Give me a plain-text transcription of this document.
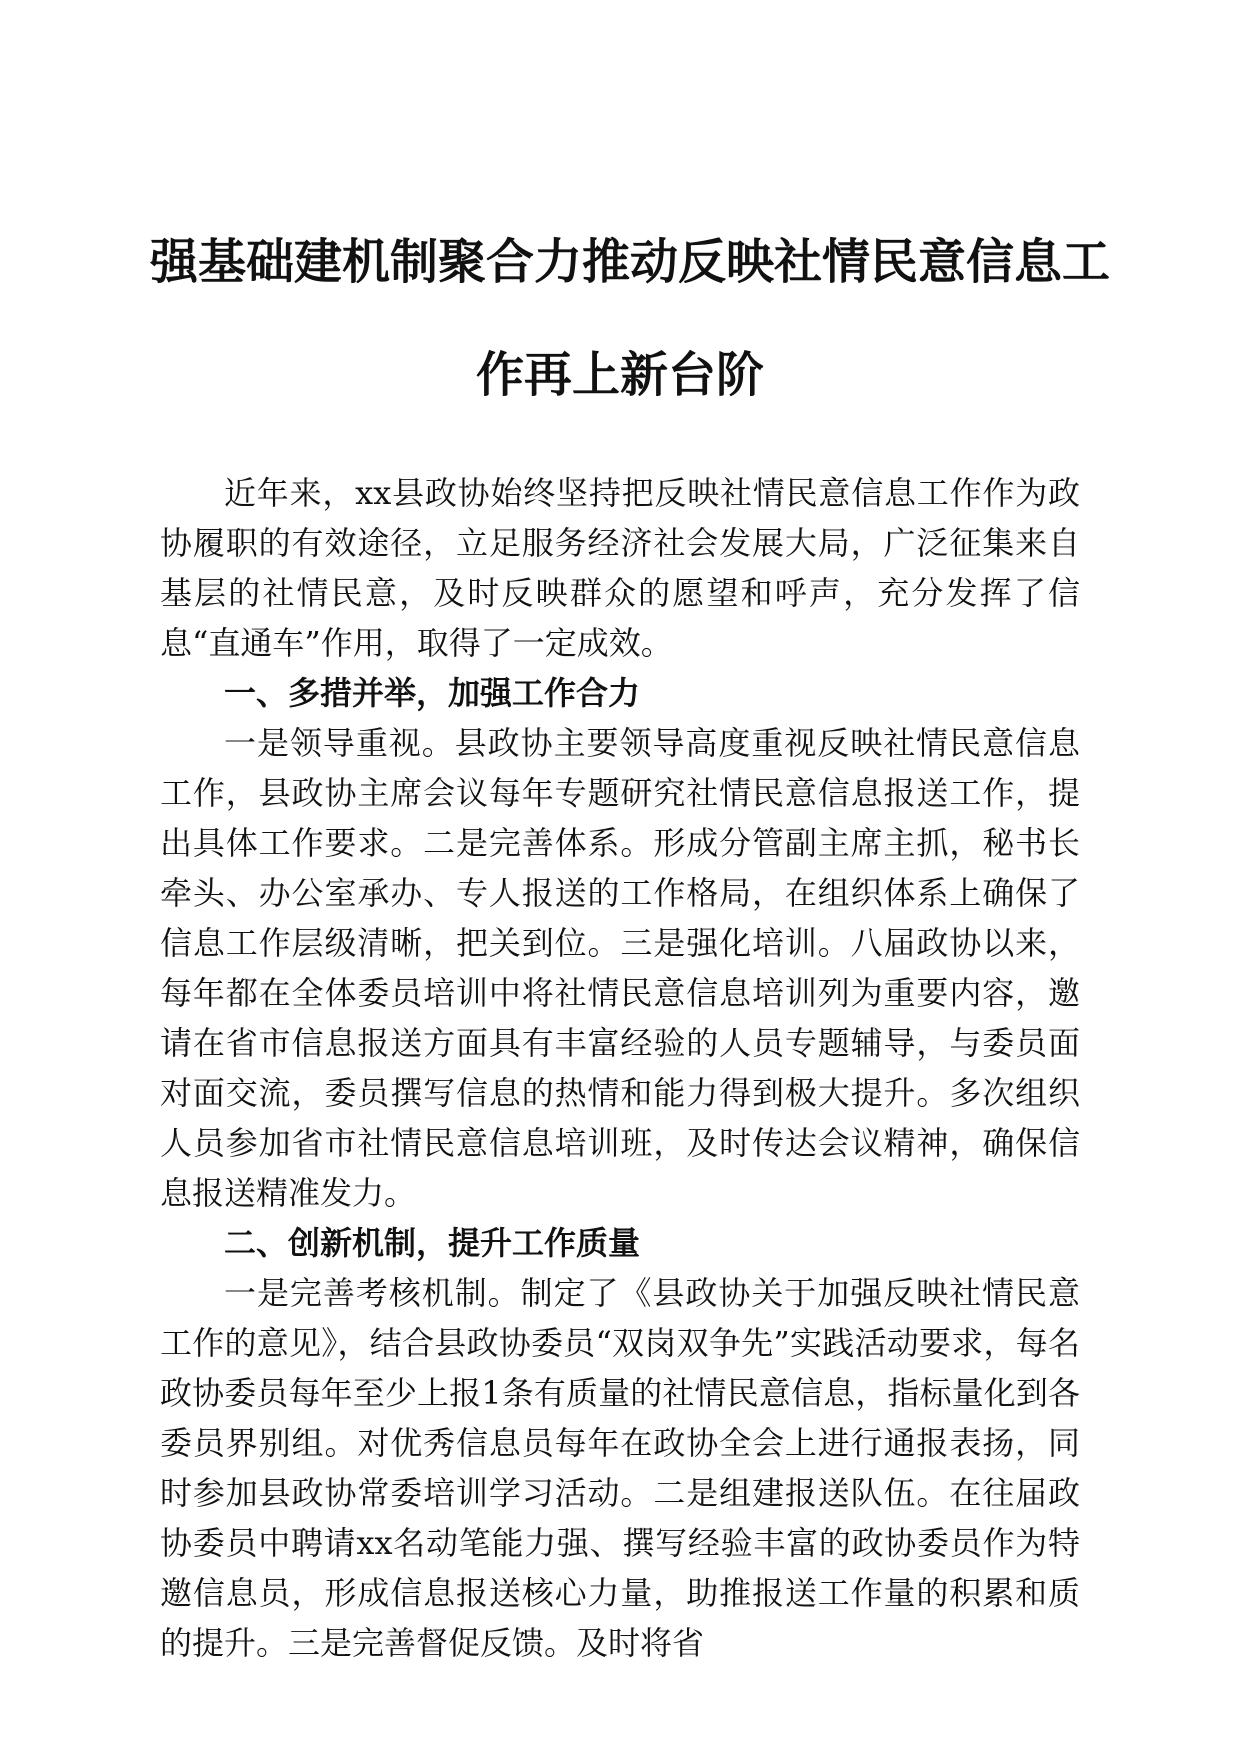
强基础建机制聚合力推动反映社情民意信息工
作再上新台阶

近年来，xx县政协始终坚持把反映社情民意信息工作作为政协履职的有效途径，立足服务经济社会发展大局，广泛征集来自基层的社情民意，及时反映群众的愿望和呼声，充分发挥了信息“直通车”作用，取得了一定成效。

一、多措并举，加强工作合力

一是领导重视。县政协主要领导高度重视反映社情民意信息工作，县政协主席会议每年专题研究社情民意信息报送工作，提出具体工作要求。二是完善体系。形成分管副主席主抓，秘书长牵头、办公室承办、专人报送的工作格局，在组织体系上确保了信息工作层级清晰，把关到位。三是强化培训。八届政协以来，每年都在全体委员培训中将社情民意信息培训列为重要内容，邀请在省市信息报送方面具有丰富经验的人员专题辅导，与委员面对面交流，委员撰写信息的热情和能力得到极大提升。多次组织人员参加省市社情民意信息培训班，及时传达会议精神，确保信息报送精准发力。

二、创新机制，提升工作质量

一是完善考核机制。制定了《县政协关于加强反映社情民意工作的意见》，结合县政协委员“双岗双争先”实践活动要求，每名政协委员每年至少上报1条有质量的社情民意信息，指标量化到各委员界别组。对优秀信息员每年在政协全会上进行通报表扬，同时参加县政协常委培训学习活动。二是组建报送队伍。在往届政协委员中聘请xx名动笔能力强、撰写经验丰富的政协委员作为特邀信息员，形成信息报送核心力量，助推报送工作量的积累和质的提升。三是完善督促反馈。及时将省
